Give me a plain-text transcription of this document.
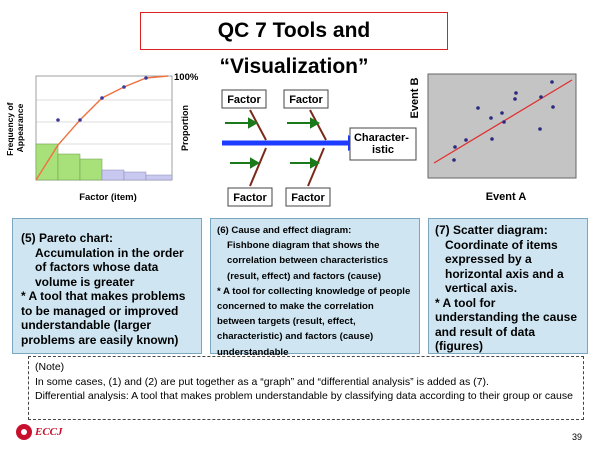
QC 7 Tools and “Visualization”
100%
Frequency of Appearance	Proportion
Factor (item)
Factor	Factor
Factor Factor
Character- istic
Event B
Event A
(5) Pareto chart:
Accumulation in the order of factors whose data volume is greater
* A tool that makes problems to be managed or improved understandable (larger problems are easily known)
(6) Cause and effect diagram:
Fishbone diagram that shows the correlation between characteristics (result, effect) and factors (cause)
* A tool for collecting knowledge of people concerned to make the correlation between targets (result, effect, characteristic) and factors (cause) understandable
(7) Scatter diagram:
Coordinate of items expressed by a horizontal axis and a vertical axis.
* A tool for understanding the cause and result of data (figures)
(Note)
In some cases, (1) and (2) are put together as a “graph” and “differential analysis” is added as (7).
Differential analysis: A tool that makes problem understandable by classifying data according to their group or cause
ECCJ	39
